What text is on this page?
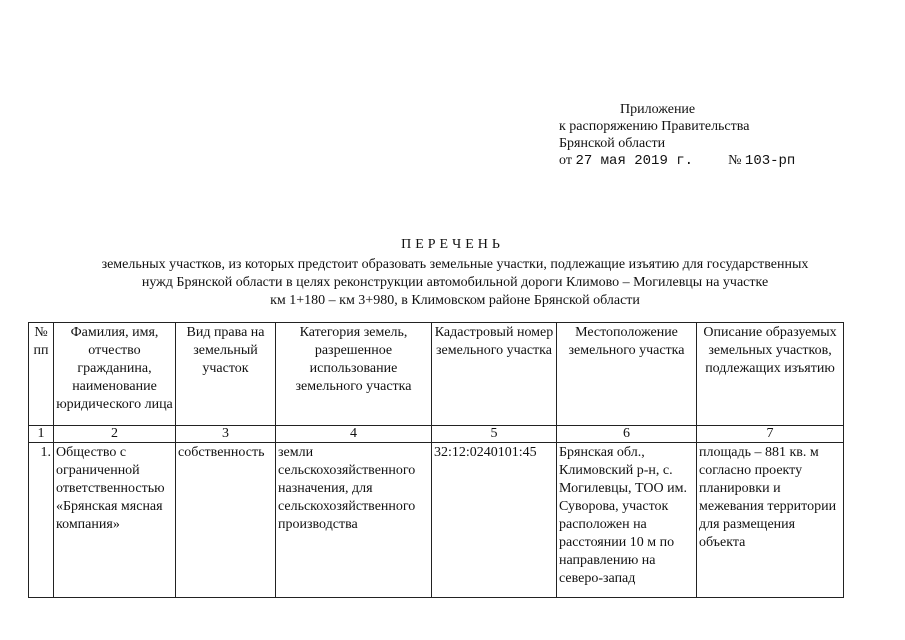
Приложение
к распоряжению Правительства
Брянской области
от 27 мая 2019 г.	№ 103-рп
ПЕРЕЧЕНЬ
земельных участков, из которых предстоит образовать земельные участки, подлежащие изъятию для государственных
нужд Брянской области в целях реконструкции автомобильной дороги Климово – Могилевцы на участке
км 1+180 – км 3+980, в Климовском районе Брянской области
№ пп	Фамилия, имя, отчество гражданина, наименование юридического лица	Вид права на земельный участок	Категория земель, разрешенное использование земельного участка	Кадастровый номер земельного участка	Местоположение земельного участка	Описание образуемых земельных участков, подлежащих изъятию
1	2	3	4	5	6	7
1.	Общество с ограниченной ответственностью «Брянская мясная компания»	собственность	земли сельскохозяйственного назначения, для сельскохозяйственного производства	32:12:0240101:45	Брянская обл., Климовский р-н, с. Могилевцы, ТОО им. Суворова, участок расположен на расстоянии 10 м по направлению на северо-запад	площадь – 881 кв. м согласно проекту планировки и межевания территории для размещения объекта
